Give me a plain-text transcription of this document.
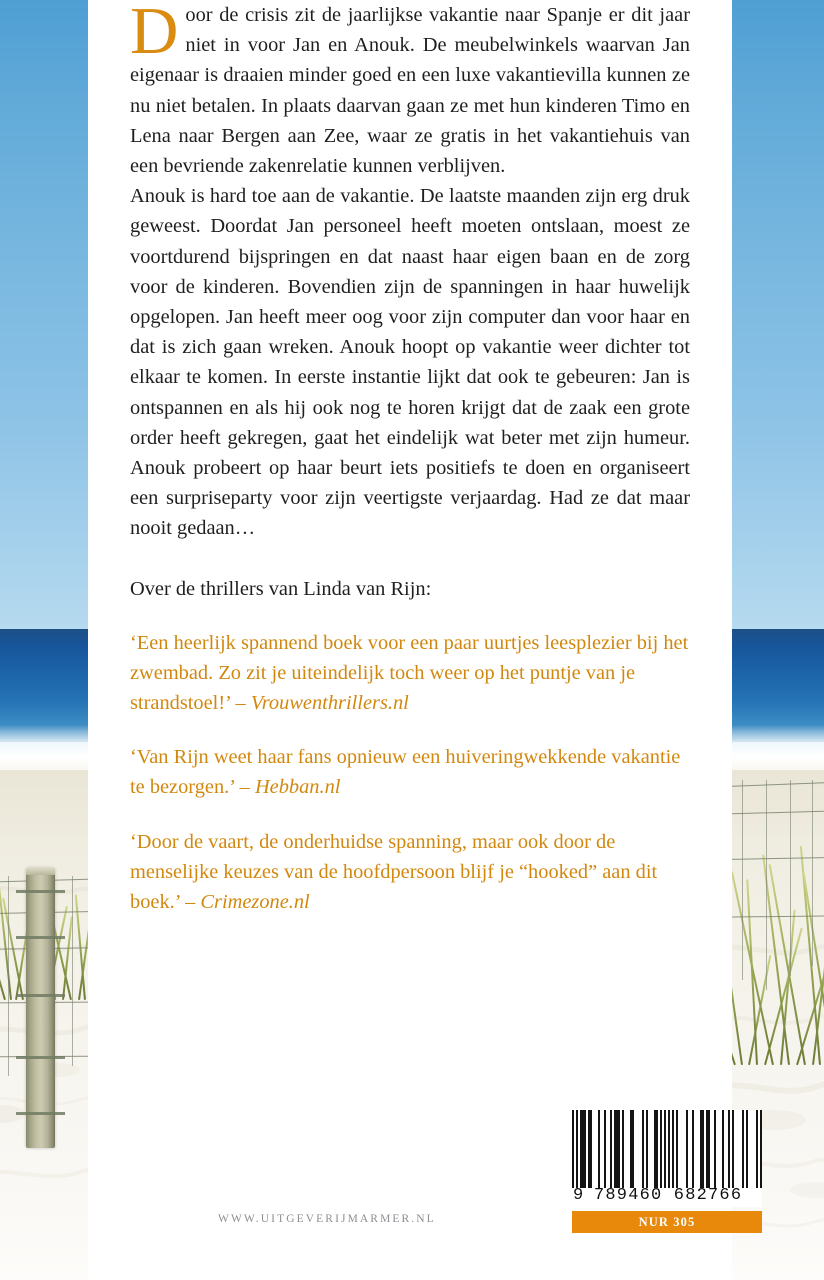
Door de crisis zit de jaarlijkse vakantie naar Spanje er dit jaar niet in voor Jan en Anouk. De meubelwinkels waarvan Jan eigenaar is draaien minder goed en een luxe vakantievilla kunnen ze nu niet betalen. In plaats daarvan gaan ze met hun kinderen Timo en Lena naar Bergen aan Zee, waar ze gratis in het vakantiehuis van een bevriende zakenrelatie kunnen verblijven.

Anouk is hard toe aan de vakantie. De laatste maanden zijn erg druk geweest. Doordat Jan personeel heeft moeten ontslaan, moest ze voortdurend bijspringen en dat naast haar eigen baan en de zorg voor de kinderen. Bovendien zijn de spanningen in haar huwelijk opgelopen. Jan heeft meer oog voor zijn computer dan voor haar en dat is zich gaan wreken. Anouk hoopt op vakantie weer dichter tot elkaar te komen. In eerste instantie lijkt dat ook te gebeuren: Jan is ontspannen en als hij ook nog te horen krijgt dat de zaak een grote order heeft gekregen, gaat het eindelijk wat beter met zijn humeur. Anouk probeert op haar beurt iets positiefs te doen en organiseert een surpriseparty voor zijn veertigste verjaardag. Had ze dat maar nooit gedaan…

Over de thrillers van Linda van Rijn:

‘Een heerlijk spannend boek voor een paar uurtjes leesplezier bij het zwembad. Zo zit je uiteindelijk toch weer op het puntje van je strandstoel!’ – Vrouwenthrillers.nl

‘Van Rijn weet haar fans opnieuw een huiveringwekkende vakantie te bezorgen.’ – Hebban.nl

‘Door de vaart, de onderhuidse spanning, maar ook door de menselijke keuzes van de hoofdpersoon blijf je “hooked” aan dit boek.’ – Crimezone.nl

WWW.UITGEVERIJMARMER.NL
9 789460 682766
NUR 305
